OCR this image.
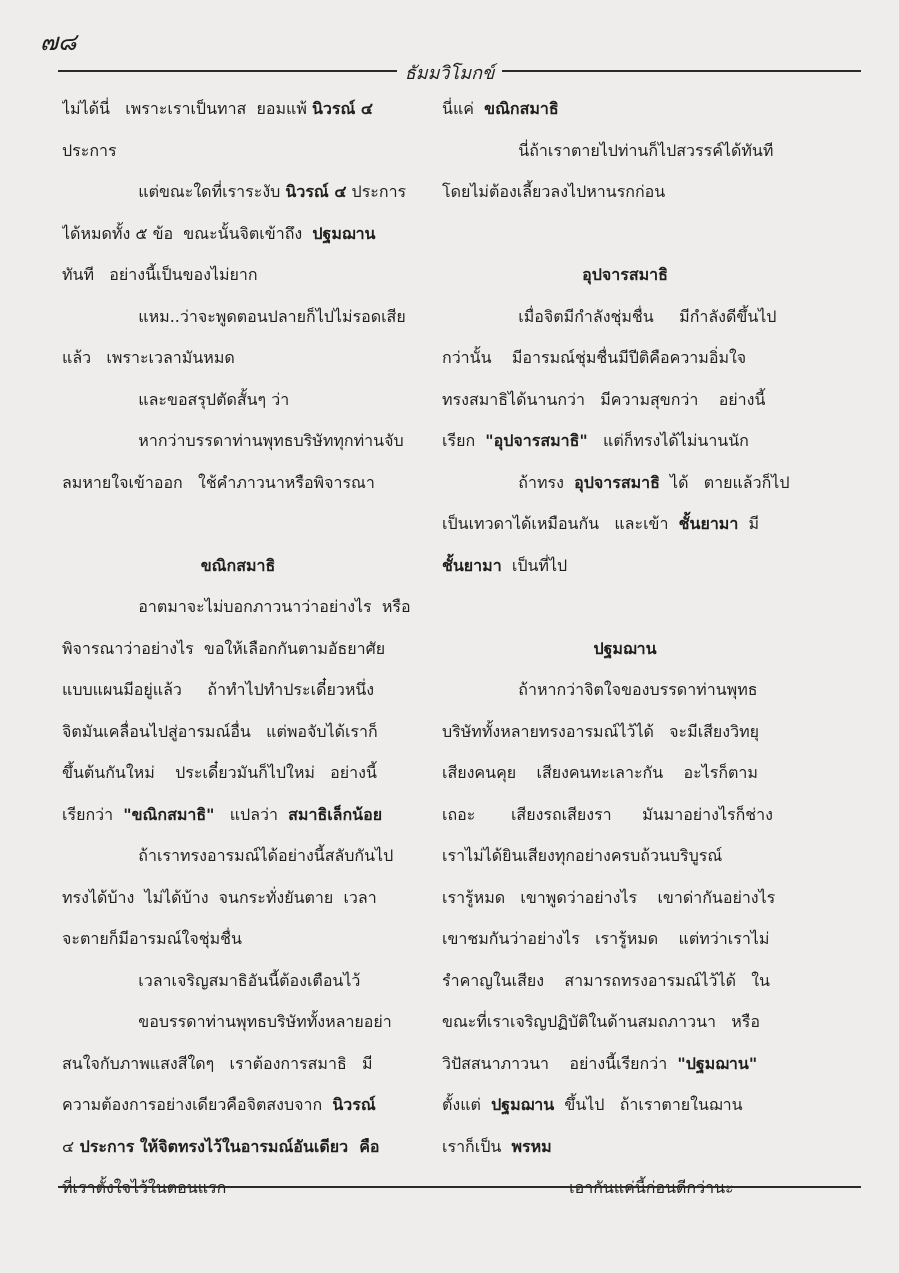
๗๘
ธัมมวิโมกข์

ไม่ได้นี่   เพราะเราเป็นทาส  ยอมแพ้ นิวรณ์ ๔

ประการ

แต่ขณะใดที่เราระงับ นิวรณ์ ๔ ประการ

ได้หมดทั้ง ๕ ข้อ  ขณะนั้นจิตเข้าถึง  ปฐมฌาน

ทันที   อย่างนี้เป็นของไม่ยาก

แหม..ว่าจะพูดตอนปลายก็ไปไม่รอดเสีย

แล้ว   เพราะเวลามันหมด

และขอสรุปตัดสั้นๆ ว่า

หากว่าบรรดาท่านพุทธบริษัททุกท่านจับ

ลมหายใจเข้าออก   ใช้คำภาวนาหรือพิจารณา

ขณิกสมาธิ

อาตมาจะไม่บอกภาวนาว่าอย่างไร  หรือ

พิจารณาว่าอย่างไร  ขอให้เลือกกันตามอัธยาศัย

แบบแผนมีอยู่แล้ว     ถ้าทำไปทำประเดี๋ยวหนึ่ง

จิตมันเคลื่อนไปสู่อารมณ์อื่น   แต่พอจับได้เราก็

ขึ้นต้นกันใหม่    ประเดี๋ยวมันก็ไปใหม่   อย่างนี้

เรียกว่า  "ขณิกสมาธิ"   แปลว่า  สมาธิเล็กน้อย

ถ้าเราทรงอารมณ์ได้อย่างนี้สลับกันไป

ทรงได้บ้าง  ไม่ได้บ้าง  จนกระทั่งยันตาย  เวลา

จะตายก็มีอารมณ์ใจชุ่มชื่น

เวลาเจริญสมาธิอันนี้ต้องเตือนไว้

ขอบรรดาท่านพุทธบริษัททั้งหลายอย่า

สนใจกับภาพแสงสีใดๆ   เราต้องการสมาธิ   มี

ความต้องการอย่างเดียวคือจิตสงบจาก  นิวรณ์

๔ ประการ ให้จิตทรงไว้ในอารมณ์อันเดียว  คือ

ที่เราตั้งใจไว้ในตอนแรก

นี่แค่  ขณิกสมาธิ

นี่ถ้าเราตายไปท่านก็ไปสวรรค์ได้ทันที

โดยไม่ต้องเลี้ยวลงไปหานรกก่อน

อุปจารสมาธิ

เมื่อจิตมีกำลังชุ่มชื่น     มีกำลังดีขึ้นไป

กว่านั้น    มีอารมณ์ชุ่มชื่นมีปีติคือความอิ่มใจ

ทรงสมาธิได้นานกว่า   มีความสุขกว่า    อย่างนี้

เรียก  "อุปจารสมาธิ"   แต่ก็ทรงได้ไม่นานนัก

ถ้าทรง  อุปจารสมาธิ  ได้   ตายแล้วก็ไป

เป็นเทวดาได้เหมือนกัน   และเข้า  ชั้นยามา  มี

ชั้นยามา  เป็นที่ไป

ปฐมฌาน

ถ้าหากว่าจิตใจของบรรดาท่านพุทธ

บริษัททั้งหลายทรงอารมณ์ไว้ได้   จะมีเสียงวิทยุ

เสียงคนคุย    เสียงคนทะเลาะกัน    อะไรก็ตาม

เถอะ       เสียงรถเสียงรา      มันมาอย่างไรก็ช่าง

เราไม่ได้ยินเสียงทุกอย่างครบถ้วนบริบูรณ์

เรารู้หมด   เขาพูดว่าอย่างไร    เขาด่ากันอย่างไร

เขาชมกันว่าอย่างไร   เรารู้หมด    แต่ทว่าเราไม่

รำคาญในเสียง    สามารถทรงอารมณ์ไว้ได้   ใน

ขณะที่เราเจริญปฏิบัติในด้านสมถภาวนา   หรือ

วิปัสสนาภาวนา    อย่างนี้เรียกว่า  "ปฐมฌาน"

ตั้งแต่  ปฐมฌาน  ขึ้นไป   ถ้าเราตายในฌาน

เราก็เป็น  พรหม

เอากันแค่นี้ก่อนดีกว่านะ
